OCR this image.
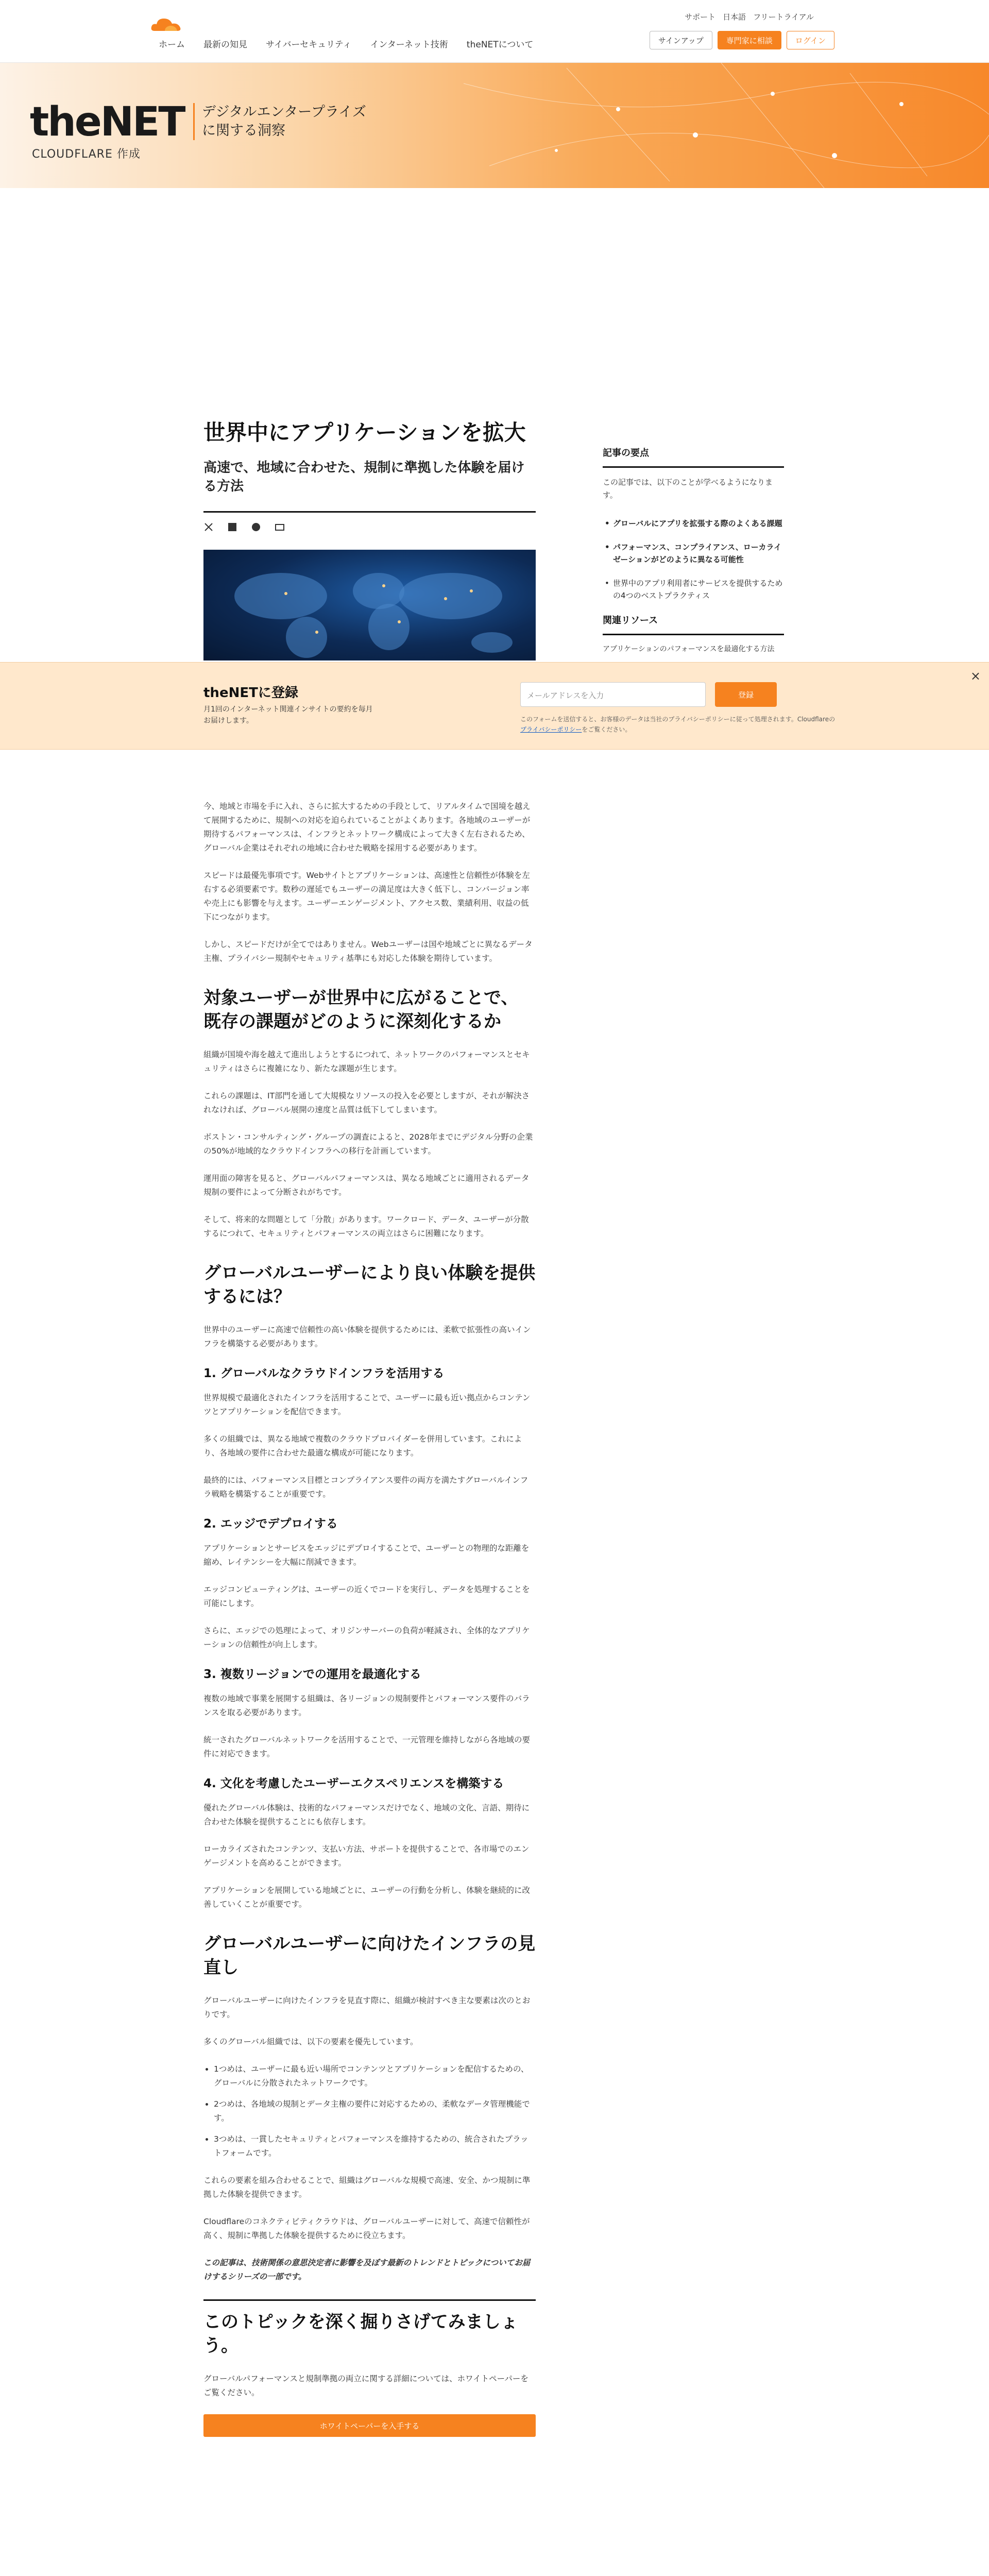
サポート 日本語 フリートライアル
ホーム	最新の知見	サイバーセキュリティ	インターネット技術	theNETについて	サインアップ	専門家に相談	ログイン
theNET
CLOUDFLARE 作成
デジタルエンタープライズ
に関する洞察
世界中にアプリケーションを拡大
高速で、地域に合わせた、規制に準拠した体験を届ける方法

今、地域と市場を手に入れ、さらに拡大するための手段として、リアルタイムで国境を越えて展開するために、規制への対応を迫られていることがよくあります。各地域のユーザーが期待するパフォーマンスは、インフラとネットワーク構成によって大きく左右されるため、グローバル企業はそれぞれの地域に合わせた戦略を採用する必要があります。

スピードは最優先事項です。Webサイトとアプリケーションは、高速性と信頼性が体験を左右する必須要素です。数秒の遅延でもユーザーの満足度は大きく低下し、コンバージョン率や売上にも影響を与えます。ユーザーエンゲージメント、アクセス数、業績利用、収益の低下につながります。

しかし、スピードだけが全てではありません。Webユーザーは国や地域ごとに異なるデータ主権、プライバシー規制やセキュリティ基準にも対応した体験を期待しています。

対象ユーザーが世界中に広がることで、既存の課題がどのように深刻化するか

組織が国境や海を越えて進出しようとするにつれて、ネットワークのパフォーマンスとセキュリティはさらに複雑になり、新たな課題が生じます。

これらの課題は、IT部門を通して大規模なリソースの投入を必要としますが、それが解決されなければ、グローバル展開の速度と品質は低下してしまいます。

ボストン・コンサルティング・グループの調査によると、2028年までにデジタル分野の企業の50%が地域的なクラウドインフラへの移行を計画しています。

運用面の障害を見ると、グローバルパフォーマンスは、異なる地域ごとに適用されるデータ規制の要件によって分断されがちです。

そして、将来的な問題として「分散」があります。ワークロード、データ、ユーザーが分散するにつれて、セキュリティとパフォーマンスの両立はさらに困難になります。

グローバルユーザーにより良い体験を提供するには？

世界中のユーザーに高速で信頼性の高い体験を提供するためには、柔軟で拡張性の高いインフラを構築する必要があります。

1. グローバルなクラウドインフラを活用する

世界規模で最適化されたインフラを活用することで、ユーザーに最も近い拠点からコンテンツとアプリケーションを配信できます。

多くの組織では、異なる地域で複数のクラウドプロバイダーを併用しています。これにより、各地域の要件に合わせた最適な構成が可能になります。

最終的には、パフォーマンス目標とコンプライアンス要件の両方を満たすグローバルインフラ戦略を構築することが重要です。

2. エッジでデプロイする

アプリケーションとサービスをエッジにデプロイすることで、ユーザーとの物理的な距離を縮め、レイテンシーを大幅に削減できます。

エッジコンピューティングは、ユーザーの近くでコードを実行し、データを処理することを可能にします。

さらに、エッジでの処理によって、オリジンサーバーの負荷が軽減され、全体的なアプリケーションの信頼性が向上します。

3. 複数リージョンでの運用を最適化する

複数の地域で事業を展開する組織は、各リージョンの規制要件とパフォーマンス要件のバランスを取る必要があります。

統一されたグローバルネットワークを活用することで、一元管理を維持しながら各地域の要件に対応できます。

4. 文化を考慮したユーザーエクスペリエンスを構築する

優れたグローバル体験は、技術的なパフォーマンスだけでなく、地域の文化、言語、期待に合わせた体験を提供することにも依存します。

ローカライズされたコンテンツ、支払い方法、サポートを提供することで、各市場でのエンゲージメントを高めることができます。

アプリケーションを展開している地域ごとに、ユーザーの行動を分析し、体験を継続的に改善していくことが重要です。

グローバルユーザーに向けたインフラの見直し

グローバルユーザーに向けたインフラを見直す際に、組織が検討すべき主な要素は次のとおりです。

多くのグローバル組織では、以下の要素を優先しています。

• 1つめは、ユーザーに最も近い場所でコンテンツとアプリケーションを配信するための、グローバルに分散されたネットワークです。
• 2つめは、各地域の規制とデータ主権の要件に対応するための、柔軟なデータ管理機能です。
• 3つめは、一貫したセキュリティとパフォーマンスを維持するための、統合されたプラットフォームです。

これらの要素を組み合わせることで、組織はグローバルな規模で高速、安全、かつ規制に準拠した体験を提供できます。

Cloudflareのコネクティビティクラウドは、グローバルユーザーに対して、高速で信頼性が高く、規制に準拠した体験を提供するために役立ちます。

この記事は、技術関係の意思決定者に影響を及ぼす最新のトレンドとトピックについてお届けするシリーズの一部です。

このトピックを深く掘りさげてみましょう。

グローバルパフォーマンスと規制準拠の両立に関する詳細については、ホワイトペーパーをご覧ください。

ホワイトペーパーを入手する
記事の要点

この記事では、以下のことが学べるようになります。

• グローバルにアプリを拡張する際のよくある課題
• パフォーマンス、コンプライアンス、ローカライゼーションがどのように異なる可能性
• 世界中のアプリ利用者にサービスを提供するための4つのベストプラクティス
関連リソース
アプリケーションのパフォーマンスを最適化する方法
theNETに登録
月1回のインターネット関連インサイトの要約を毎月お届けします。
メールアドレスを入力	登録
このフォームを送信すると、お客様のデータは当社のプライバシーポリシーに従って処理されます。Cloudflareのプライバシーポリシーをご覧ください。
×
